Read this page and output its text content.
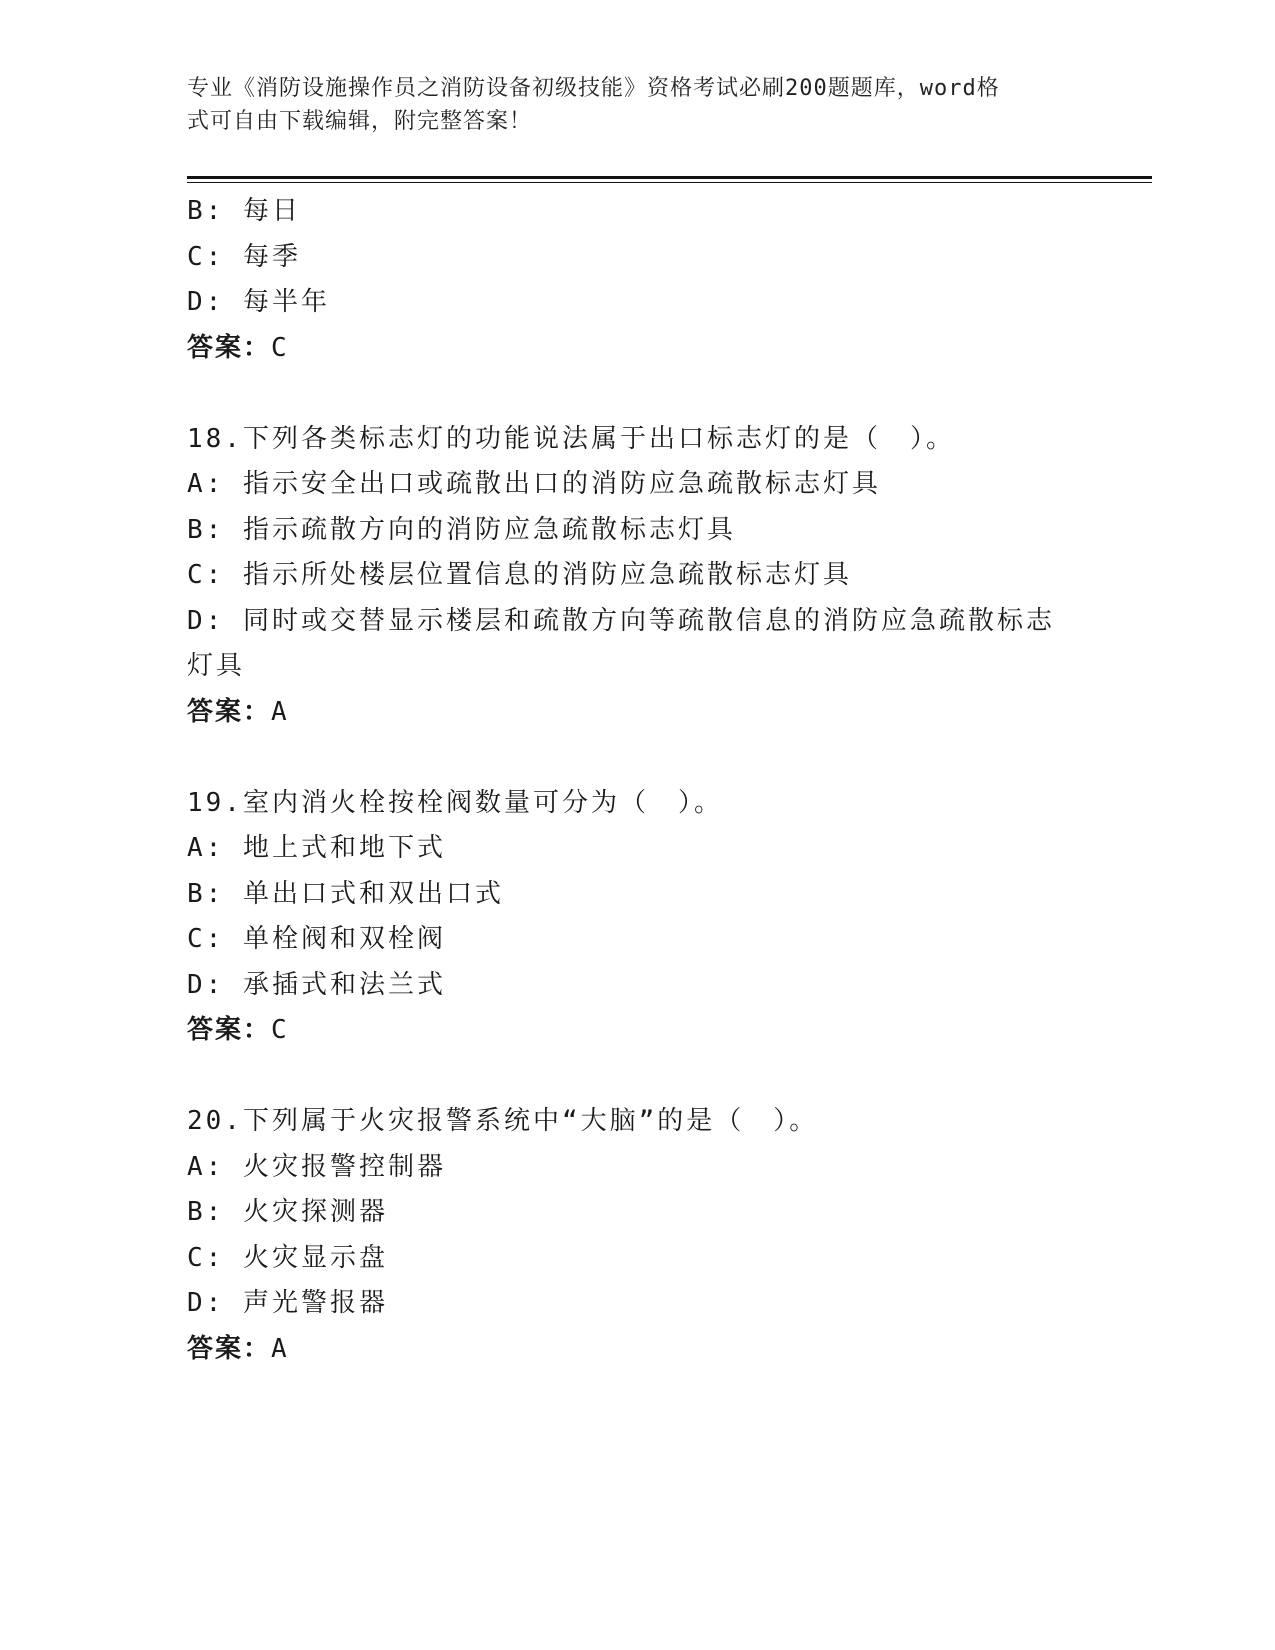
专业《消防设施操作员之消防设备初级技能》资格考试必刷200题题库，word格
式可自由下载编辑，附完整答案！
B: 每日
C: 每季
D: 每半年
答案：C
18.下列各类标志灯的功能说法属于出口标志灯的是（　）。
A: 指示安全出口或疏散出口的消防应急疏散标志灯具
B: 指示疏散方向的消防应急疏散标志灯具
C: 指示所处楼层位置信息的消防应急疏散标志灯具
D: 同时或交替显示楼层和疏散方向等疏散信息的消防应急疏散标志灯具
答案：A
19.室内消火栓按栓阀数量可分为（　）。
A: 地上式和地下式
B: 单出口式和双出口式
C: 单栓阀和双栓阀
D: 承插式和法兰式
答案：C
20.下列属于火灾报警系统中“大脑”的是（　）。
A: 火灾报警控制器
B: 火灾探测器
C: 火灾显示盘
D: 声光警报器
答案：A
